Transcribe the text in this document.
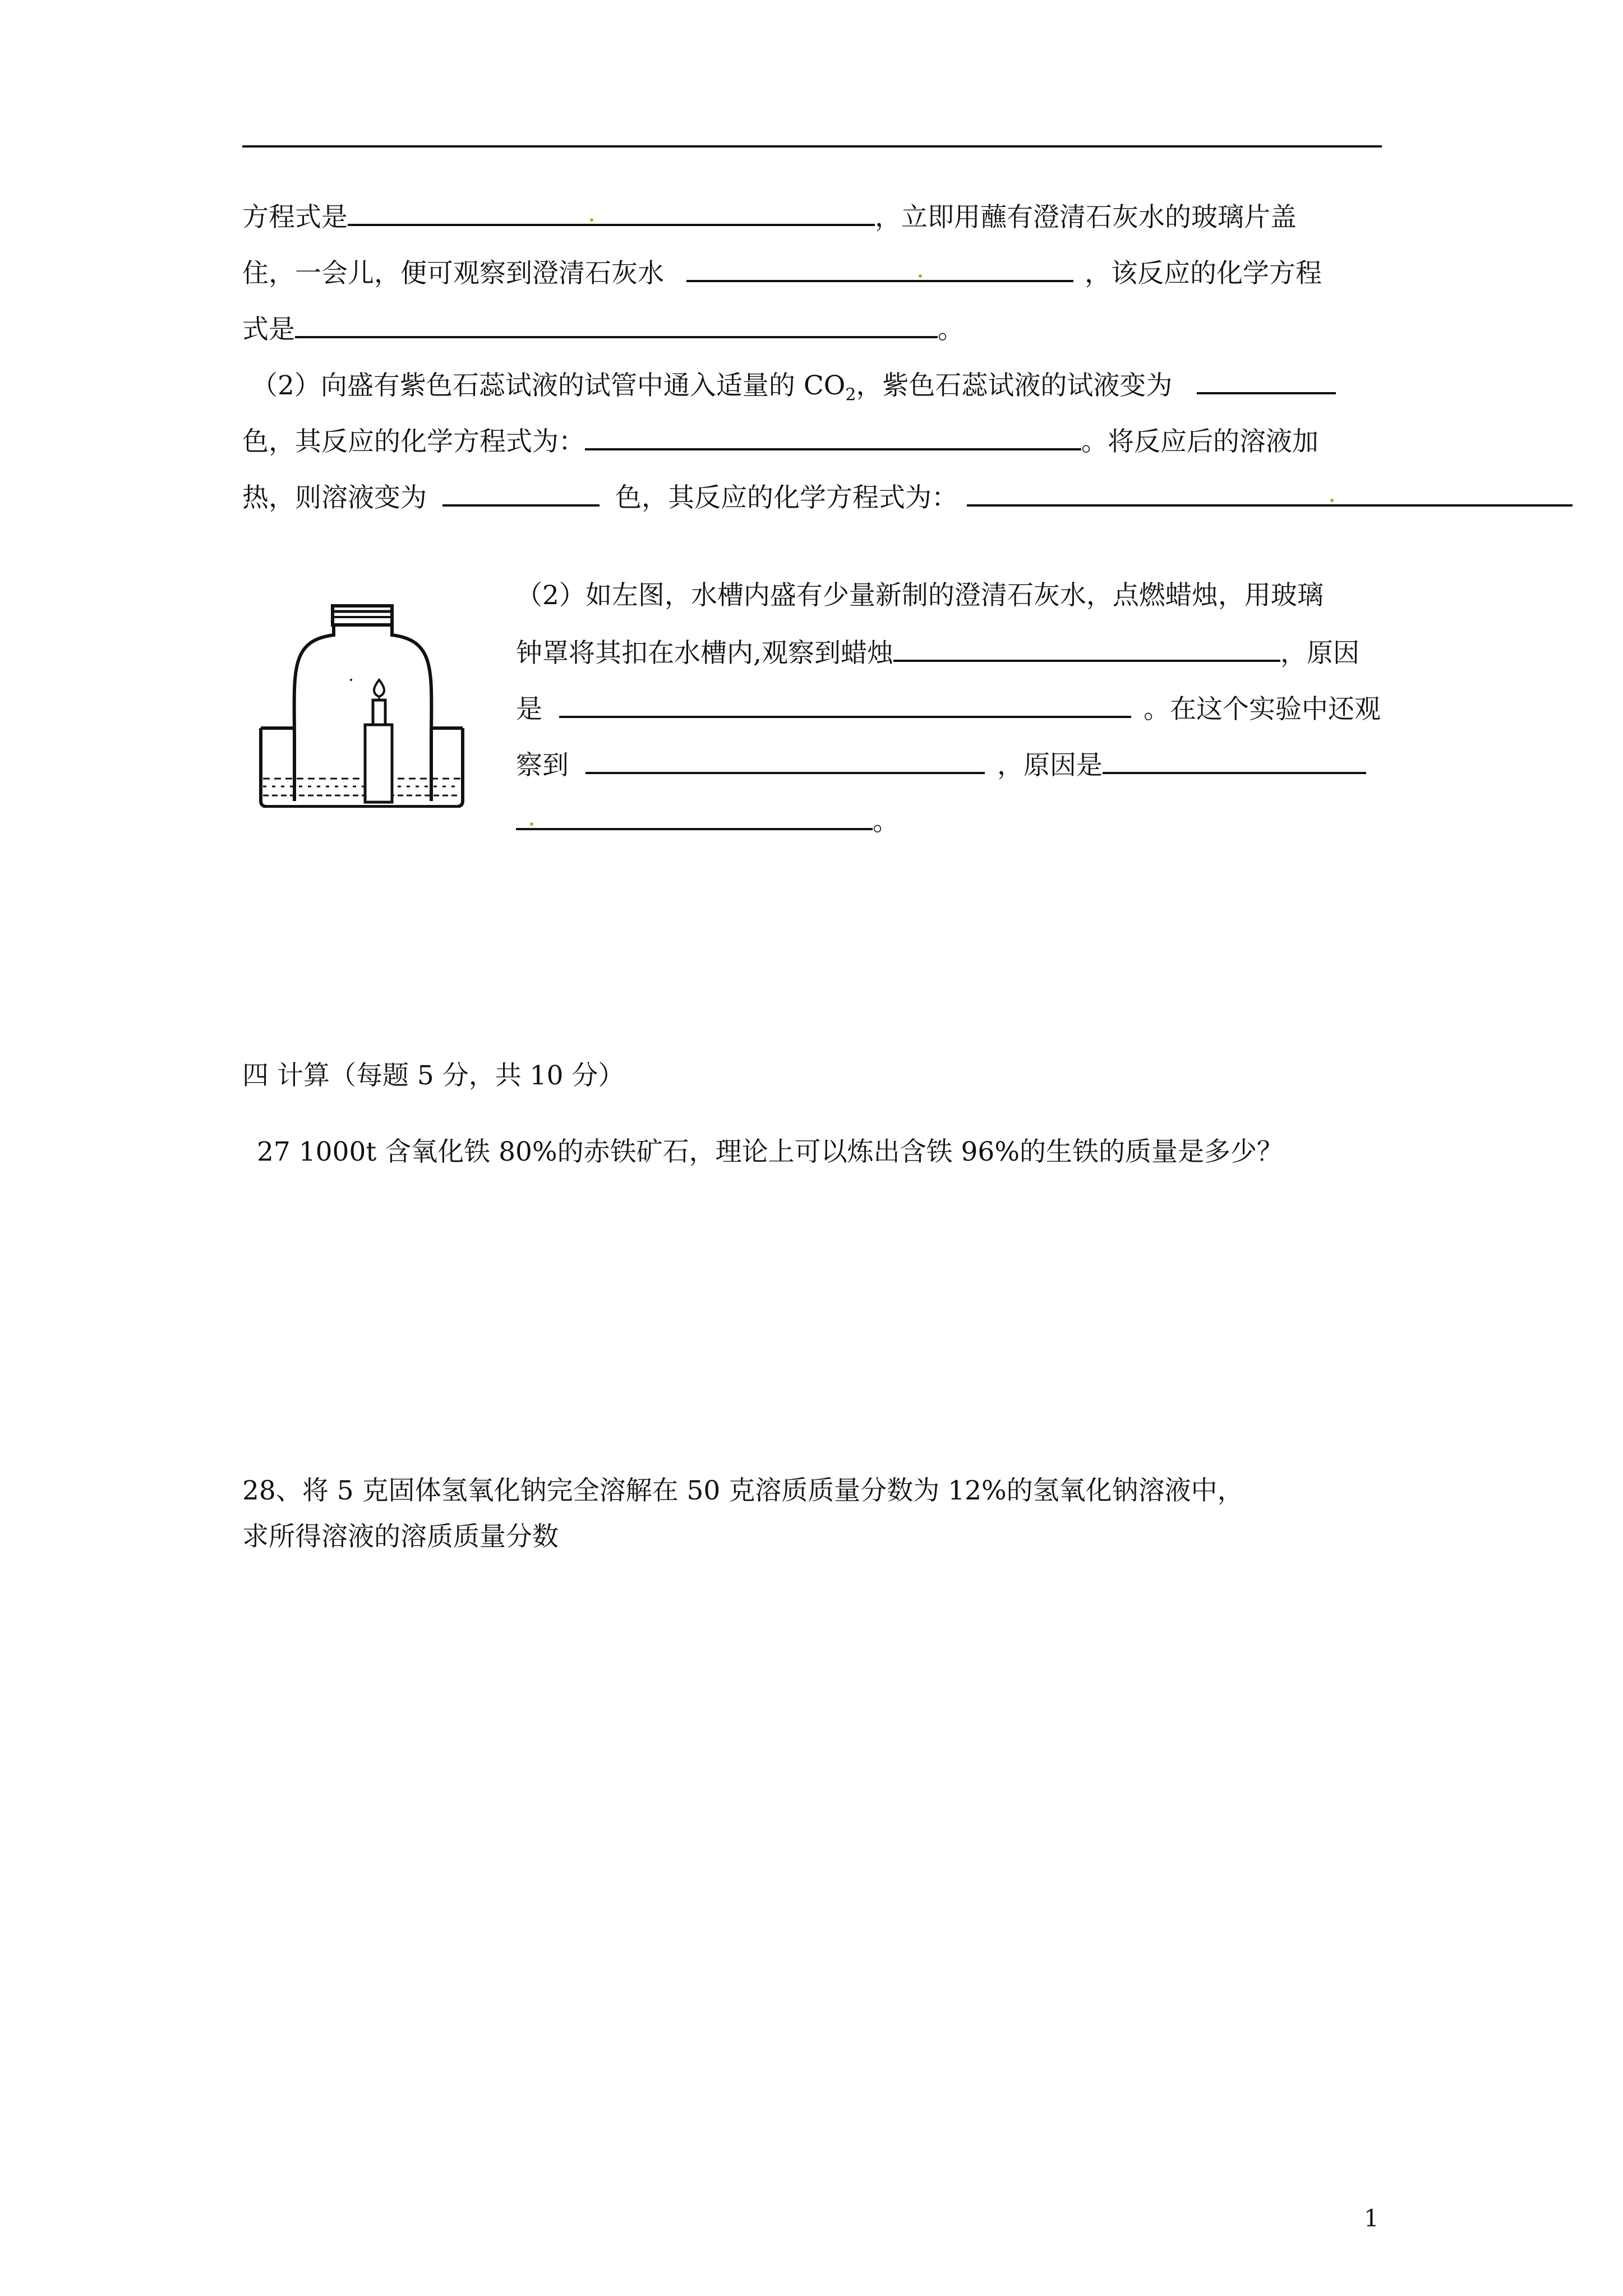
方程式是	，立即用蘸有澄清石灰水的玻璃片盖
住，一会儿，便可观察到澄清石灰水	，该反应的化学方程
式是	。
（2）向盛有紫色石蕊试液的试管中通入适量的 $CO_2$，紫色石蕊试液的试液变为
色，其反应的化学方程式为：	。将反应后的溶液加
热，则溶液变为	色，其反应的化学方程式为：
（2）如左图，水槽内盛有少量新制的澄清石灰水，点燃蜡烛，用玻璃
钟罩将其扣在水槽内,观察到蜡烛	，原因
是	。在这个实验中还观
察到	，原因是
。
四 计算（每题 5 分，共 10 分）
27 1000t 含氧化铁 80%的赤铁矿石，理论上可以炼出含铁 96%的生铁的质量是多少？
28、将 5 克固体氢氧化钠完全溶解在 50 克溶质质量分数为 12%的氢氧化钠溶液中，
求所得溶液的溶质质量分数
1
